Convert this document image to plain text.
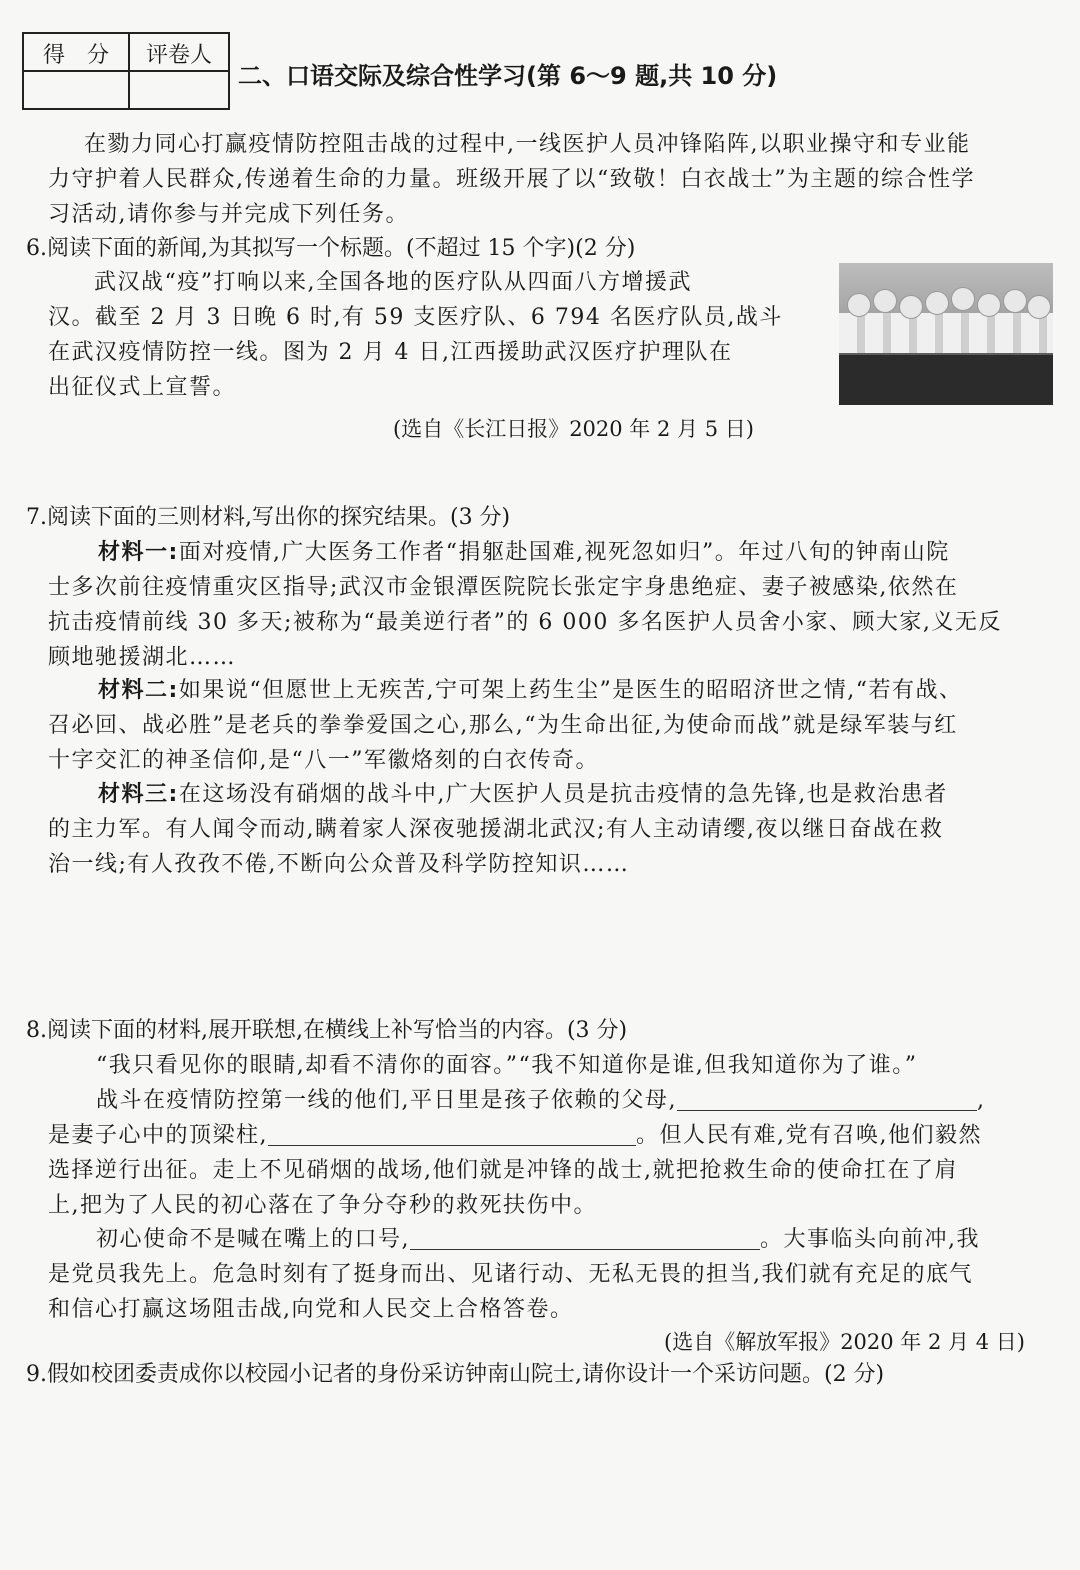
得　分	评卷人
二、口语交际及综合性学习(第 6～9 题,共 10 分)
在勠力同心打赢疫情防控阻击战的过程中,一线医护人员冲锋陷阵,以职业操守和专业能
力守护着人民群众,传递着生命的力量。班级开展了以“致敬！白衣战士”为主题的综合性学
习活动,请你参与并完成下列任务。
6.阅读下面的新闻,为其拟写一个标题。(不超过 15 个字)(2 分)
武汉战“疫”打响以来,全国各地的医疗队从四面八方增援武
汉。截至 2 月 3 日晚 6 时,有 59 支医疗队、6 794 名医疗队员,战斗
在武汉疫情防控一线。图为 2 月 4 日,江西援助武汉医疗护理队在
出征仪式上宣誓。
(选自《长江日报》2020 年 2 月 5 日)
7.阅读下面的三则材料,写出你的探究结果。(3 分)
材料一:面对疫情,广大医务工作者“捐躯赴国难,视死忽如归”。年过八旬的钟南山院
士多次前往疫情重灾区指导;武汉市金银潭医院院长张定宇身患绝症、妻子被感染,依然在
抗击疫情前线 30 多天;被称为“最美逆行者”的 6 000 多名医护人员舍小家、顾大家,义无反
顾地驰援湖北……
材料二:如果说“但愿世上无疾苦,宁可架上药生尘”是医生的昭昭济世之情,“若有战、
召必回、战必胜”是老兵的拳拳爱国之心,那么,“为生命出征,为使命而战”就是绿军装与红
十字交汇的神圣信仰,是“八一”军徽烙刻的白衣传奇。
材料三:在这场没有硝烟的战斗中,广大医护人员是抗击疫情的急先锋,也是救治患者
的主力军。有人闻令而动,瞒着家人深夜驰援湖北武汉;有人主动请缨,夜以继日奋战在救
治一线;有人孜孜不倦,不断向公众普及科学防控知识……
8.阅读下面的材料,展开联想,在横线上补写恰当的内容。(3 分)
“我只看见你的眼睛,却看不清你的面容。”“我不知道你是谁,但我知道你为了谁。”
战斗在疫情防控第一线的他们,平日里是孩子依赖的父母,	,
是妻子心中的顶梁柱,	。但人民有难,党有召唤,他们毅然
选择逆行出征。走上不见硝烟的战场,他们就是冲锋的战士,就把抢救生命的使命扛在了肩
上,把为了人民的初心落在了争分夺秒的救死扶伤中。
初心使命不是喊在嘴上的口号,	。大事临头向前冲,我
是党员我先上。危急时刻有了挺身而出、见诸行动、无私无畏的担当,我们就有充足的底气
和信心打赢这场阻击战,向党和人民交上合格答卷。
(选自《解放军报》2020 年 2 月 4 日)
9.假如校团委责成你以校园小记者的身份采访钟南山院士,请你设计一个采访问题。(2 分)
